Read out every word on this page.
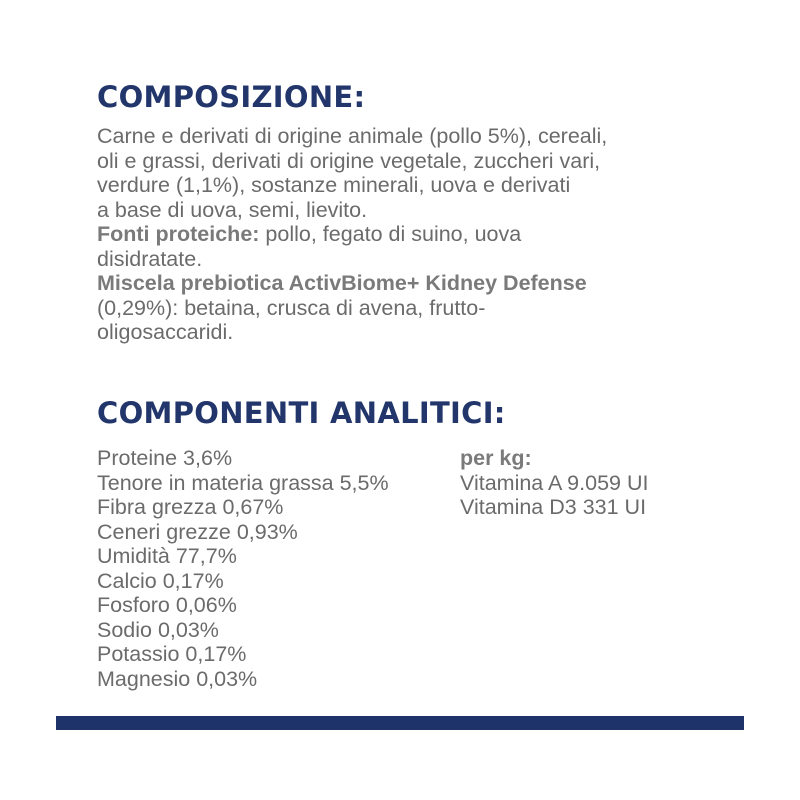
COMPOSIZIONE:

Carne e derivati di origine animale (pollo 5%), cereali,

oli e grassi, derivati di origine vegetale, zuccheri vari,

verdure (1,1%), sostanze minerali, uova e derivati

a base di uova, semi, lievito.

Fonti proteiche: pollo, fegato di suino, uova

disidratate.

Miscela prebiotica ActivBiome+ Kidney Defense

(0,29%): betaina, crusca di avena, frutto-

oligosaccaridi.

COMPONENTI ANALITICI:
Proteine 3,6%
Tenore in materia grassa 5,5%
Fibra grezza 0,67%
Ceneri grezze 0,93%
Umidità 77,7%
Calcio 0,17%
Fosforo 0,06%
Sodio 0,03%
Potassio 0,17%
Magnesio 0,03%
per kg:
Vitamina A 9.059 UI
Vitamina D3 331 UI
